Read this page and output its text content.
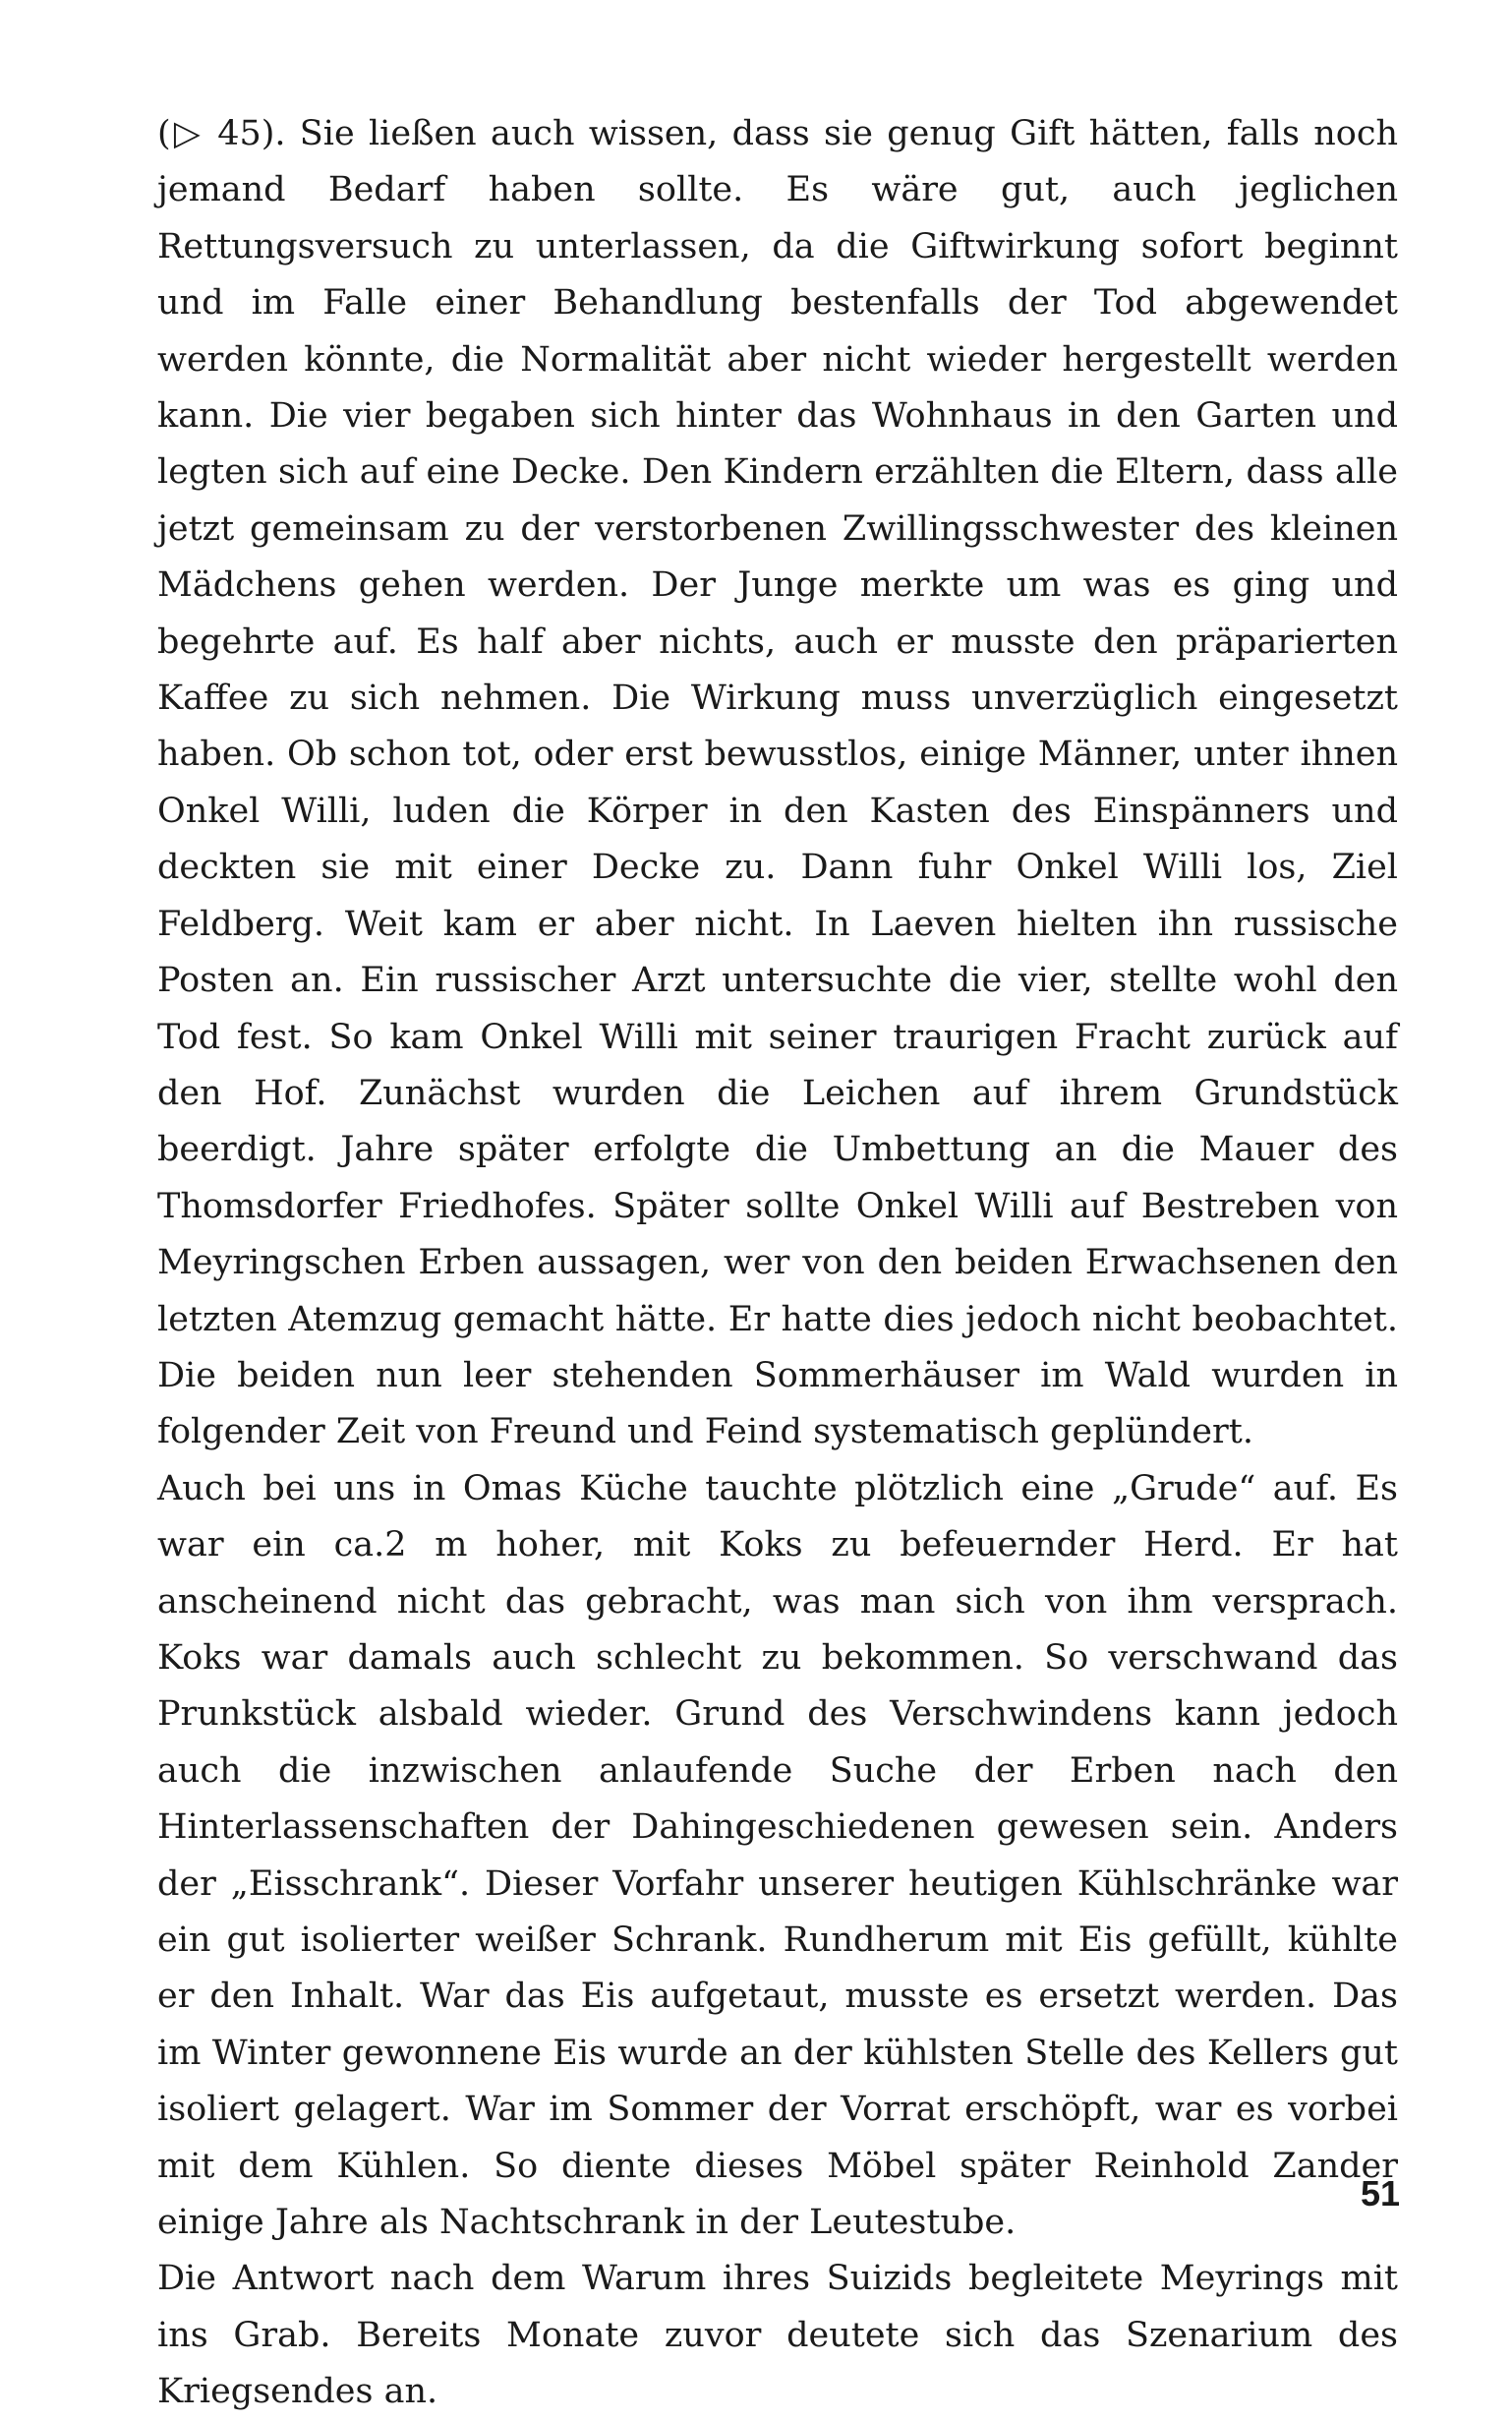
(▷ 45). Sie ließen auch wissen, dass sie genug Gift hätten, falls noch jemand Bedarf haben sollte. Es wäre gut, auch jeglichen Rettungsversuch zu unterlassen, da die Giftwirkung sofort beginnt und im Falle einer Behandlung bestenfalls der Tod abgewendet werden könnte, die Normalität aber nicht wieder hergestellt werden kann. Die vier begaben sich hinter das Wohnhaus in den Garten und legten sich auf eine Decke. Den Kindern erzählten die Eltern, dass alle jetzt gemeinsam zu der verstorbenen Zwillingsschwester des kleinen Mädchens gehen werden. Der Junge merkte um was es ging und begehrte auf. Es half aber nichts, auch er musste den präparierten Kaffee zu sich nehmen. Die Wirkung muss unverzüglich eingesetzt haben. Ob schon tot, oder erst bewusstlos, einige Männer, unter ihnen Onkel Willi, luden die Körper in den Kasten des Einspänners und deckten sie mit einer Decke zu. Dann fuhr Onkel Willi los, Ziel Feldberg. Weit kam er aber nicht. In Laeven hielten ihn russische Posten an. Ein russischer Arzt untersuchte die vier, stellte wohl den Tod fest. So kam Onkel Willi mit seiner traurigen Fracht zurück auf den Hof. Zunächst wurden die Leichen auf ihrem Grundstück beerdigt. Jahre später erfolgte die Umbettung an die Mauer des Thomsdorfer Friedhofes. Später sollte Onkel Willi auf Bestreben von Meyringschen Erben aussagen, wer von den beiden Erwachsenen den letzten Atemzug gemacht hätte. Er hatte dies jedoch nicht beobachtet. Die beiden nun leer stehenden Sommerhäuser im Wald wurden in folgender Zeit von Freund und Feind systematisch geplündert.

Auch bei uns in Omas Küche tauchte plötzlich eine „Grude“ auf. Es war ein ca.2 m hoher, mit Koks zu befeuernder Herd. Er hat anscheinend nicht das gebracht, was man sich von ihm versprach. Koks war damals auch schlecht zu bekommen. So verschwand das Prunkstück alsbald wieder. Grund des Verschwindens kann jedoch auch die inzwischen anlaufende Suche der Erben nach den Hinterlassenschaften der Dahingeschiedenen gewesen sein. Anders der „Eisschrank“. Dieser Vorfahr unserer heutigen Kühlschränke war ein gut isolierter weißer Schrank. Rundherum mit Eis gefüllt, kühlte er den Inhalt. War das Eis aufgetaut, musste es ersetzt werden. Das im Winter gewonnene Eis wurde an der kühlsten Stelle des Kellers gut isoliert gelagert. War im Sommer der Vorrat erschöpft, war es vorbei mit dem Kühlen. So diente dieses Möbel später Reinhold Zander einige Jahre als Nachtschrank in der Leutestube.

Die Antwort nach dem Warum ihres Suizids begleitete Meyrings mit ins Grab. Bereits Monate zuvor deutete sich das Szenarium des Kriegsendes an.

51
